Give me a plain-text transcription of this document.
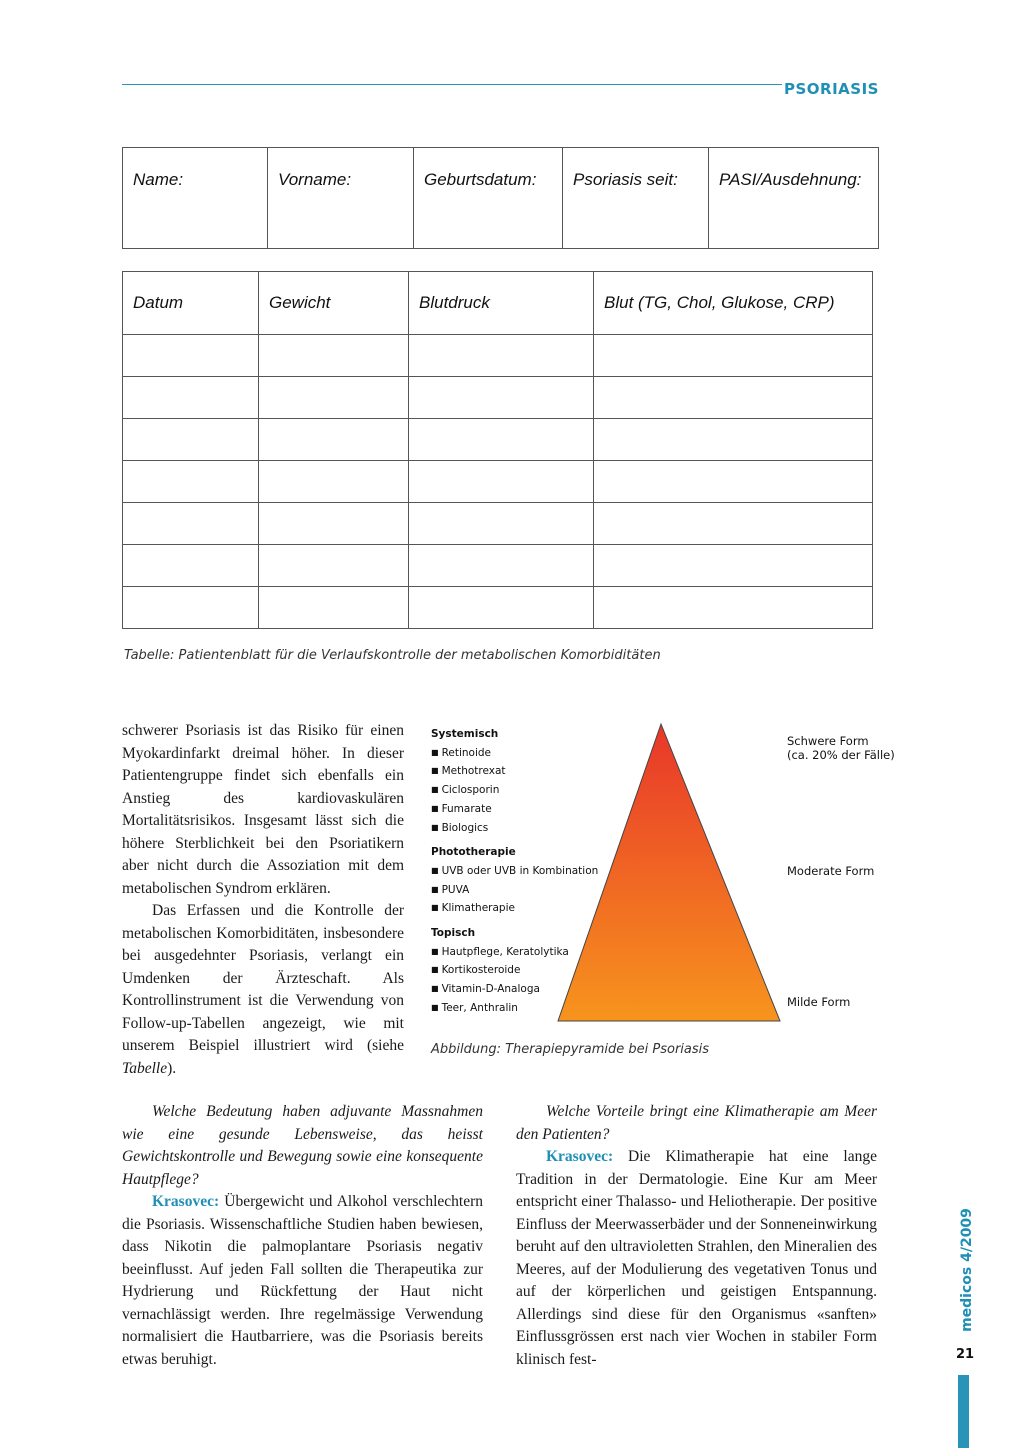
PSORIASIS
Name:	Vorname:	Geburtsdatum:	Psoriasis seit:	PASI/Ausdehnung:
Datum	Gewicht	Blutdruck	Blut (TG, Chol, Glukose, CRP)

Tabelle: Patientenblatt für die Verlaufskontrolle der metabolischen Komorbiditäten

schwerer Psoriasis ist das Risiko für einen Myokardinfarkt dreimal höher. In dieser Patientengruppe findet sich ebenfalls ein Anstieg des kardiovaskulären Mortalitätsrisikos. Insgesamt lässt sich die höhere Sterblichkeit bei den Psoriatikern aber nicht durch die Assoziation mit dem metabolischen Syndrom erklären.

Das Erfassen und die Kontrolle der metabolischen Komorbiditäten, insbesondere bei ausgedehnter Psoriasis, verlangt ein Umdenken der Ärzteschaft. Als Kontrollinstrument ist die Verwendung von Follow-up-Tabellen angezeigt, wie mit unserem Beispiel illustriert wird (siehe Tabelle).

Systemisch
■ Retinoide
■ Methotrexat
■ Ciclosporin
■ Fumarate
■ Biologics
Phototherapie
■ UVB oder UVB in Kombination
■ PUVA
■ Klimatherapie
Topisch
■ Hautpflege, Keratolytika
■ Kortikosteroide
■ Vitamin-D-Analoga
■ Teer, Anthralin
Schwere Form
(ca. 20% der Fälle)
Moderate Form
Milde Form
Abbildung: Therapiepyramide bei Psoriasis

Welche Bedeutung haben adjuvante Massnahmen wie eine gesunde Lebensweise, das heisst Gewichtskontrolle und Bewegung sowie eine konsequente Hautpflege?

Krasovec: Übergewicht und Alkohol verschlechtern die Psoriasis. Wissenschaftliche Studien haben bewiesen, dass Nikotin die palmoplantare Psoriasis negativ beeinflusst. Auf jeden Fall sollten die Therapeutika zur Hydrierung und Rückfettung der Haut nicht vernachlässigt werden. Ihre regelmässige Verwendung normalisiert die Hautbarriere, was die Psoriasis bereits etwas beruhigt.

Welche Vorteile bringt eine Klimatherapie am Meer den Patienten?

Krasovec: Die Klimatherapie hat eine lange Tradition in der Dermatologie. Eine Kur am Meer entspricht einer Thalasso- und Heliotherapie. Der positive Einfluss der Meerwasserbäder und der Sonneneinwirkung beruht auf den ultravioletten Strahlen, den Mineralien des Meeres, auf der Modulierung des vegetativen Tonus und auf der körperlichen und geistigen Entspannung. Allerdings sind diese für den Organismus «sanften» Einflussgrössen erst nach vier Wochen in stabiler Form klinisch fest-

medicos 4/2009
21
